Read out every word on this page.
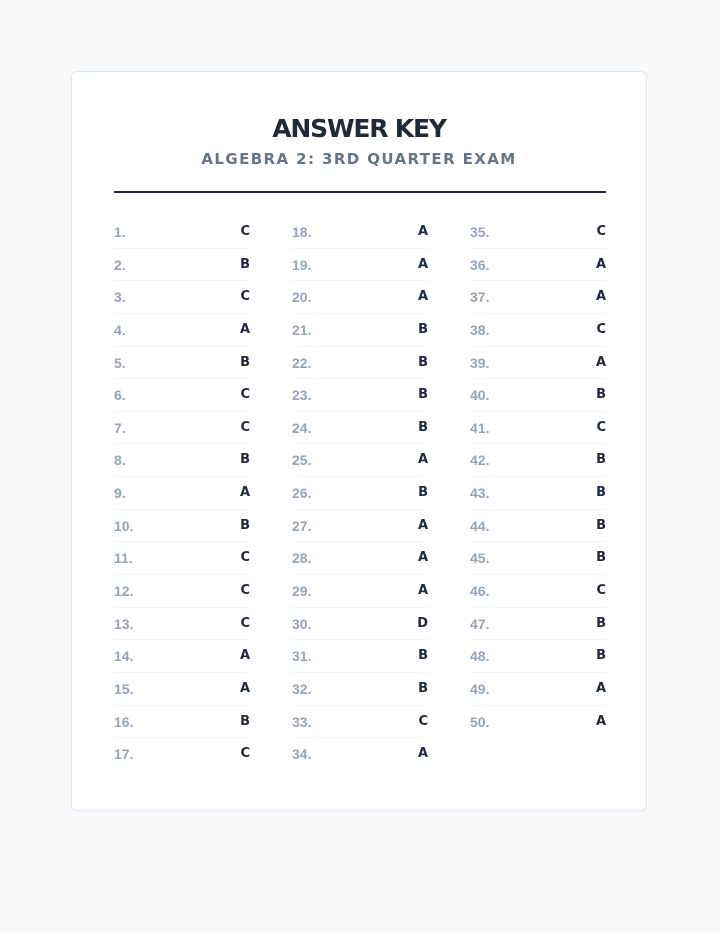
ANSWER KEY
ALGEBRA 2: 3RD QUARTER EXAM
1.	C
2.	B
3.	C
4.	A
5.	B
6.	C
7.	C
8.	B
9.	A
10.	B
11.	C
12.	C
13.	C
14.	A
15.	A
16.	B
17.	C
18.	A
19.	A
20.	A
21.	B
22.	B
23.	B
24.	B
25.	A
26.	B
27.	A
28.	A
29.	A
30.	D
31.	B
32.	B
33.	C
34.	A
35.	C
36.	A
37.	A
38.	C
39.	A
40.	B
41.	C
42.	B
43.	B
44.	B
45.	B
46.	C
47.	B
48.	B
49.	A
50.	A
